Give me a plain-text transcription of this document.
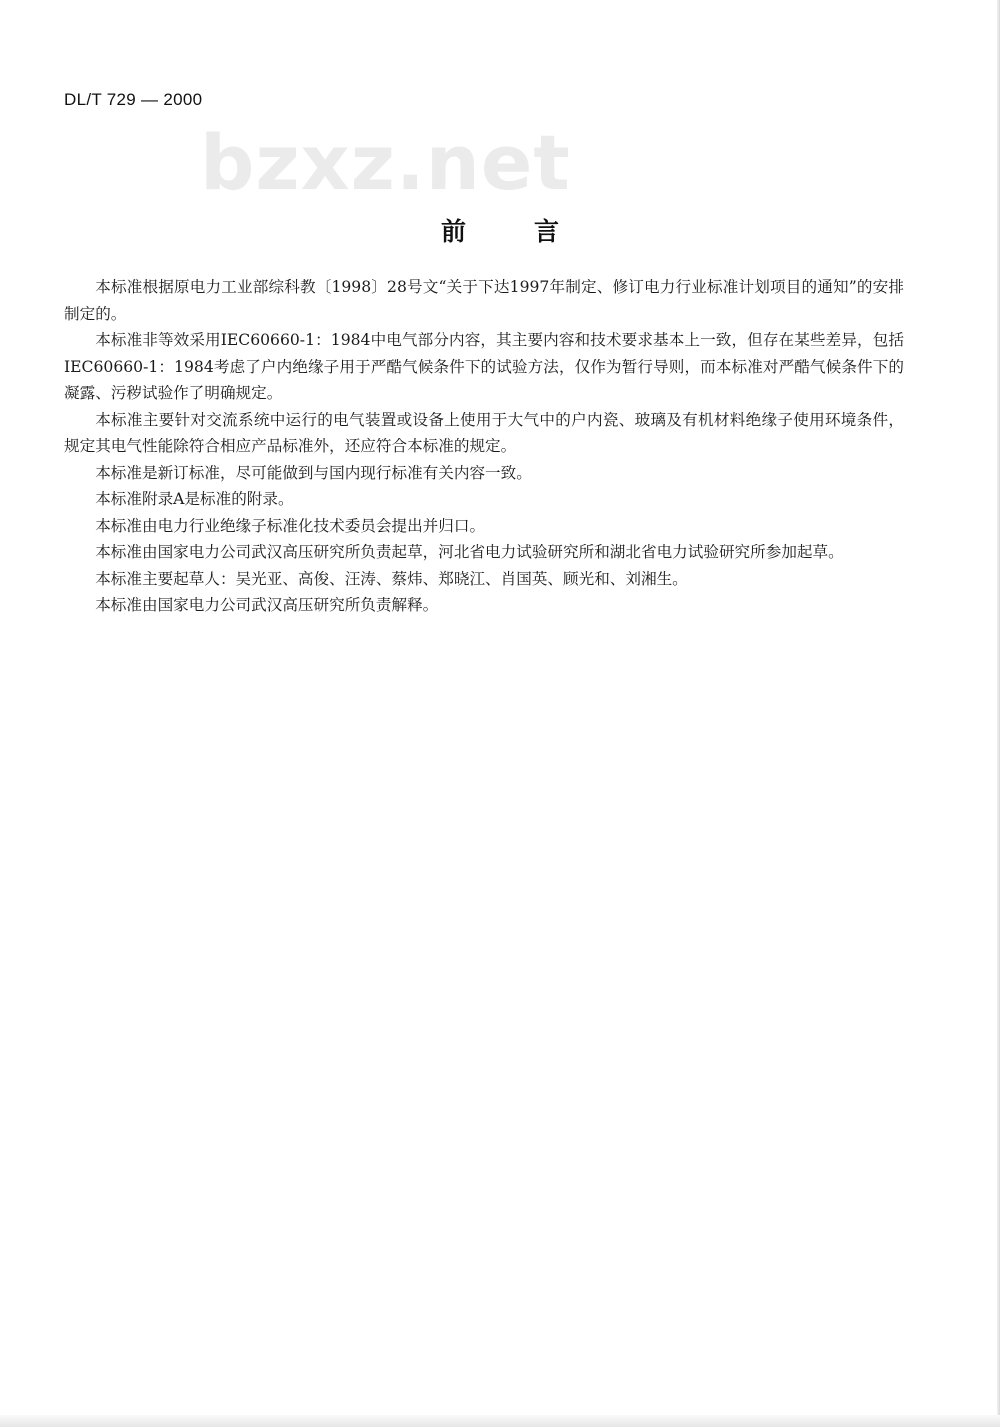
DL/T 729 — 2000
bzxz.net
前言

本标准根据原电力工业部综科教〔1998〕28号文“关于下达1997年制定、修订电力行业标准计划项目的通知”的安排制定的。

本标准非等效采用IEC60660-1：1984中电气部分内容，其主要内容和技术要求基本上一致，但存在某些差异，包括IEC60660-1：1984考虑了户内绝缘子用于严酷气候条件下的试验方法，仅作为暂行导则，而本标准对严酷气候条件下的凝露、污秽试验作了明确规定。

本标准主要针对交流系统中运行的电气装置或设备上使用于大气中的户内瓷、玻璃及有机材料绝缘子使用环境条件，规定其电气性能除符合相应产品标准外，还应符合本标准的规定。

本标准是新订标准，尽可能做到与国内现行标准有关内容一致。

本标准附录A是标准的附录。

本标准由电力行业绝缘子标准化技术委员会提出并归口。

本标准由国家电力公司武汉高压研究所负责起草，河北省电力试验研究所和湖北省电力试验研究所参加起草。

本标准主要起草人：吴光亚、高俊、汪涛、蔡炜、郑晓江、肖国英、顾光和、刘湘生。

本标准由国家电力公司武汉高压研究所负责解释。
